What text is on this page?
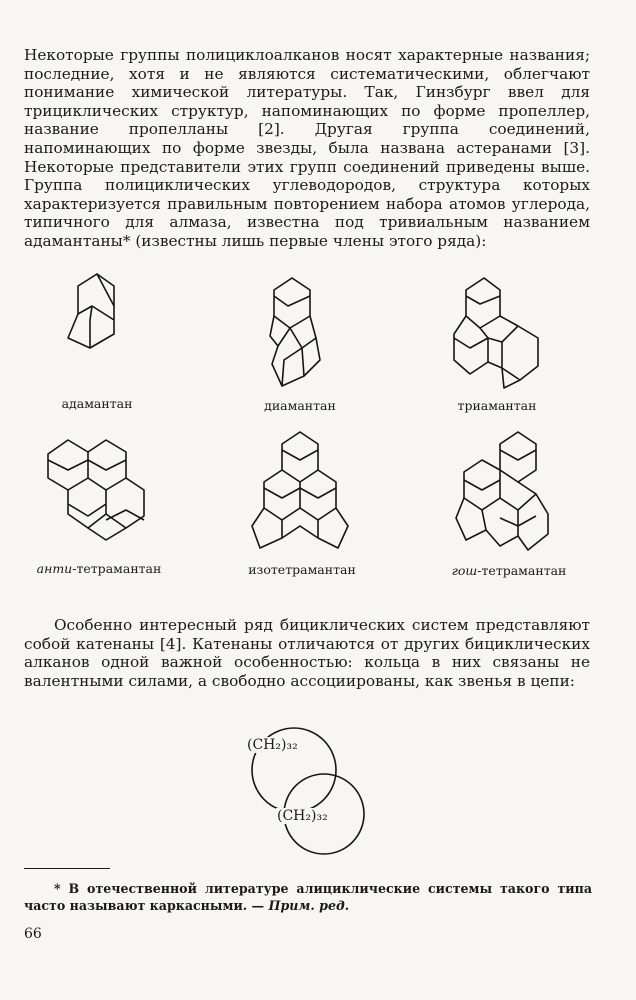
Некоторые группы полициклоалканов носят характерные названия; последние, хотя и не являются систематическими, облегчают понимание химической литературы. Так, Гинзбург ввел для трициклических структур, напоминающих по форме пропеллер, название пропелланы [2]. Другая группа соединений, напоминающих по форме звезды, была названа астеранами [3]. Некоторые представители этих групп соединений приведены выше. Группа полициклических углеводородов, структура которых характеризуется правильным повторением набора атомов углерода, типичного для алмаза, известна под тривиальным названием адамантаны* (известны лишь первые члены этого ряда):

адамантан	диамантан	триамантан
анти-тетрамантан	изотетрамантан	гош-тетрамантан

Особенно интересный ряд бициклических систем представляют собой катенаны [4]. Катенаны отличаются от других бициклических алканов одной важной особенностью: кольца в них связаны не валентными силами, а свободно ассоциированы, как звенья в цепи:

(CH₂)₃₂
(CH₂)₃₂

* В отечественной литературе алициклические системы такого типа часто называют каркасными. — Прим. ред.

66
